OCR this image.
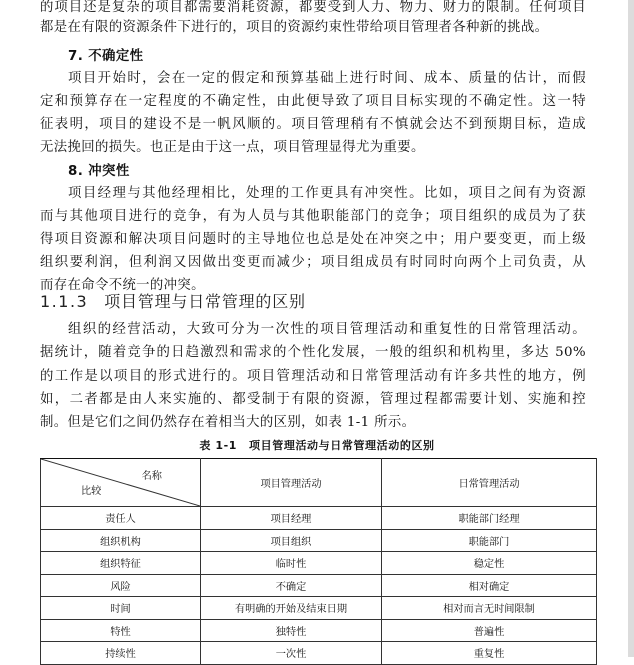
的项目还是复杂的项目都需要消耗资源，都要受到人力、物力、财力的限制。任何项目
都是在有限的资源条件下进行的，项目的资源约束性带给项目管理者各种新的挑战。
7. 不确定性
项目开始时，会在一定的假定和预算基础上进行时间、成本、质量的估计，而假
定和预算存在一定程度的不确定性，由此便导致了项目目标实现的不确定性。这一特
征表明，项目的建设不是一帆风顺的。项目管理稍有不慎就会达不到预期目标，造成
无法挽回的损失。也正是由于这一点，项目管理显得尤为重要。
8. 冲突性
项目经理与其他经理相比，处理的工作更具有冲突性。比如，项目之间有为资源
而与其他项目进行的竞争，有为人员与其他职能部门的竞争；项目组织的成员为了获
得项目资源和解决项目问题时的主导地位也总是处在冲突之中；用户要变更，而上级
组织要利润，但利润又因做出变更而减少；项目组成员有时同时向两个上司负责，从
而存在命令不统一的冲突。
1.1.3 项目管理与日常管理的区别
组织的经营活动，大致可分为一次性的项目管理活动和重复性的日常管理活动。
据统计，随着竞争的日趋激烈和需求的个性化发展，一般的组织和机构里，多达 50%
的工作是以项目的形式进行的。项目管理活动和日常管理活动有许多共性的地方，例
如，二者都是由人来实施的、都受制于有限的资源，管理过程都需要计划、实施和控
制。但是它们之间仍然存在着相当大的区别，如表 1-1 所示。
表 1-1 项目管理活动与日常管理活动的区别
名称
比较	项目管理活动	日常管理活动
责任人	项目经理	职能部门经理
组织机构	项目组织	职能部门
组织特征	临时性	稳定性
风险	不确定	相对确定
时间	有明确的开始及结束日期	相对而言无时间限制
特性	独特性	普遍性
持续性	一次性	重复性
